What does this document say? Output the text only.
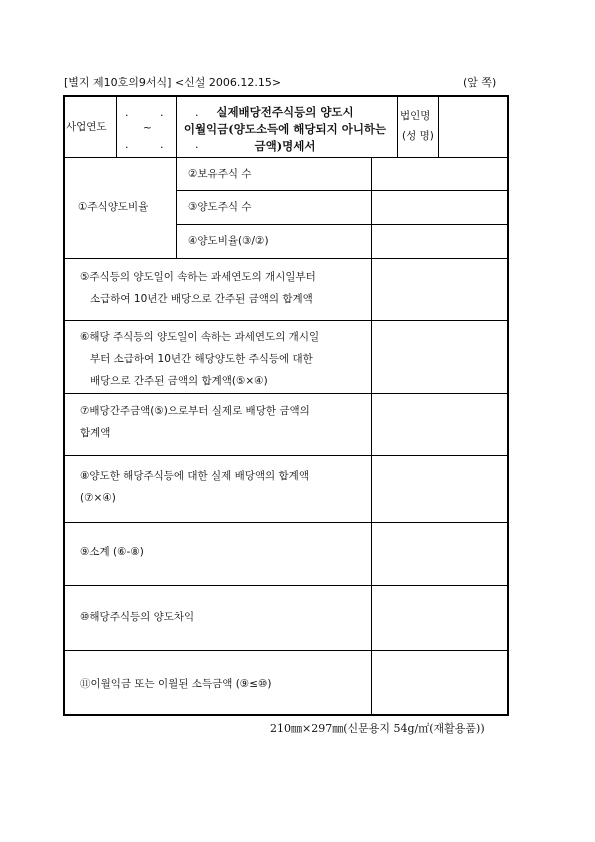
[별지 제10호의9서식] <신설 2006.12.15>	(앞 쪽)
사업연도
. . .
~
. . .
실제배당전주식등의 양도시
이월익금(양도소득에 해당되지 아니하는
금액)명세서
법인명
(성 명)
①주식양도비율
②보유주식 수
③양도주식 수
④양도비율(③/②)
⑤주식등의 양도일이 속하는 과세연도의 개시일부터
소급하여 10년간 배당으로 간주된 금액의 합계액
⑥해당 주식등의 양도일이 속하는 과세연도의 개시일
부터 소급하여 10년간 해당양도한 주식등에 대한
배당으로 간주된 금액의 합계액(⑤×④)
⑦배당간주금액(⑤)으로부터 실제로 배당한 금액의
합계액
⑧양도한 해당주식등에 대한 실제 배당액의 합계액
(⑦×④)
⑨소계 (⑥-⑧)
⑩해당주식등의 양도차익
⑪이월익금 또는 이월된 소득금액 (⑨≤⑩)
210㎜×297㎜(신문용지 54g/㎡(재활용품))
